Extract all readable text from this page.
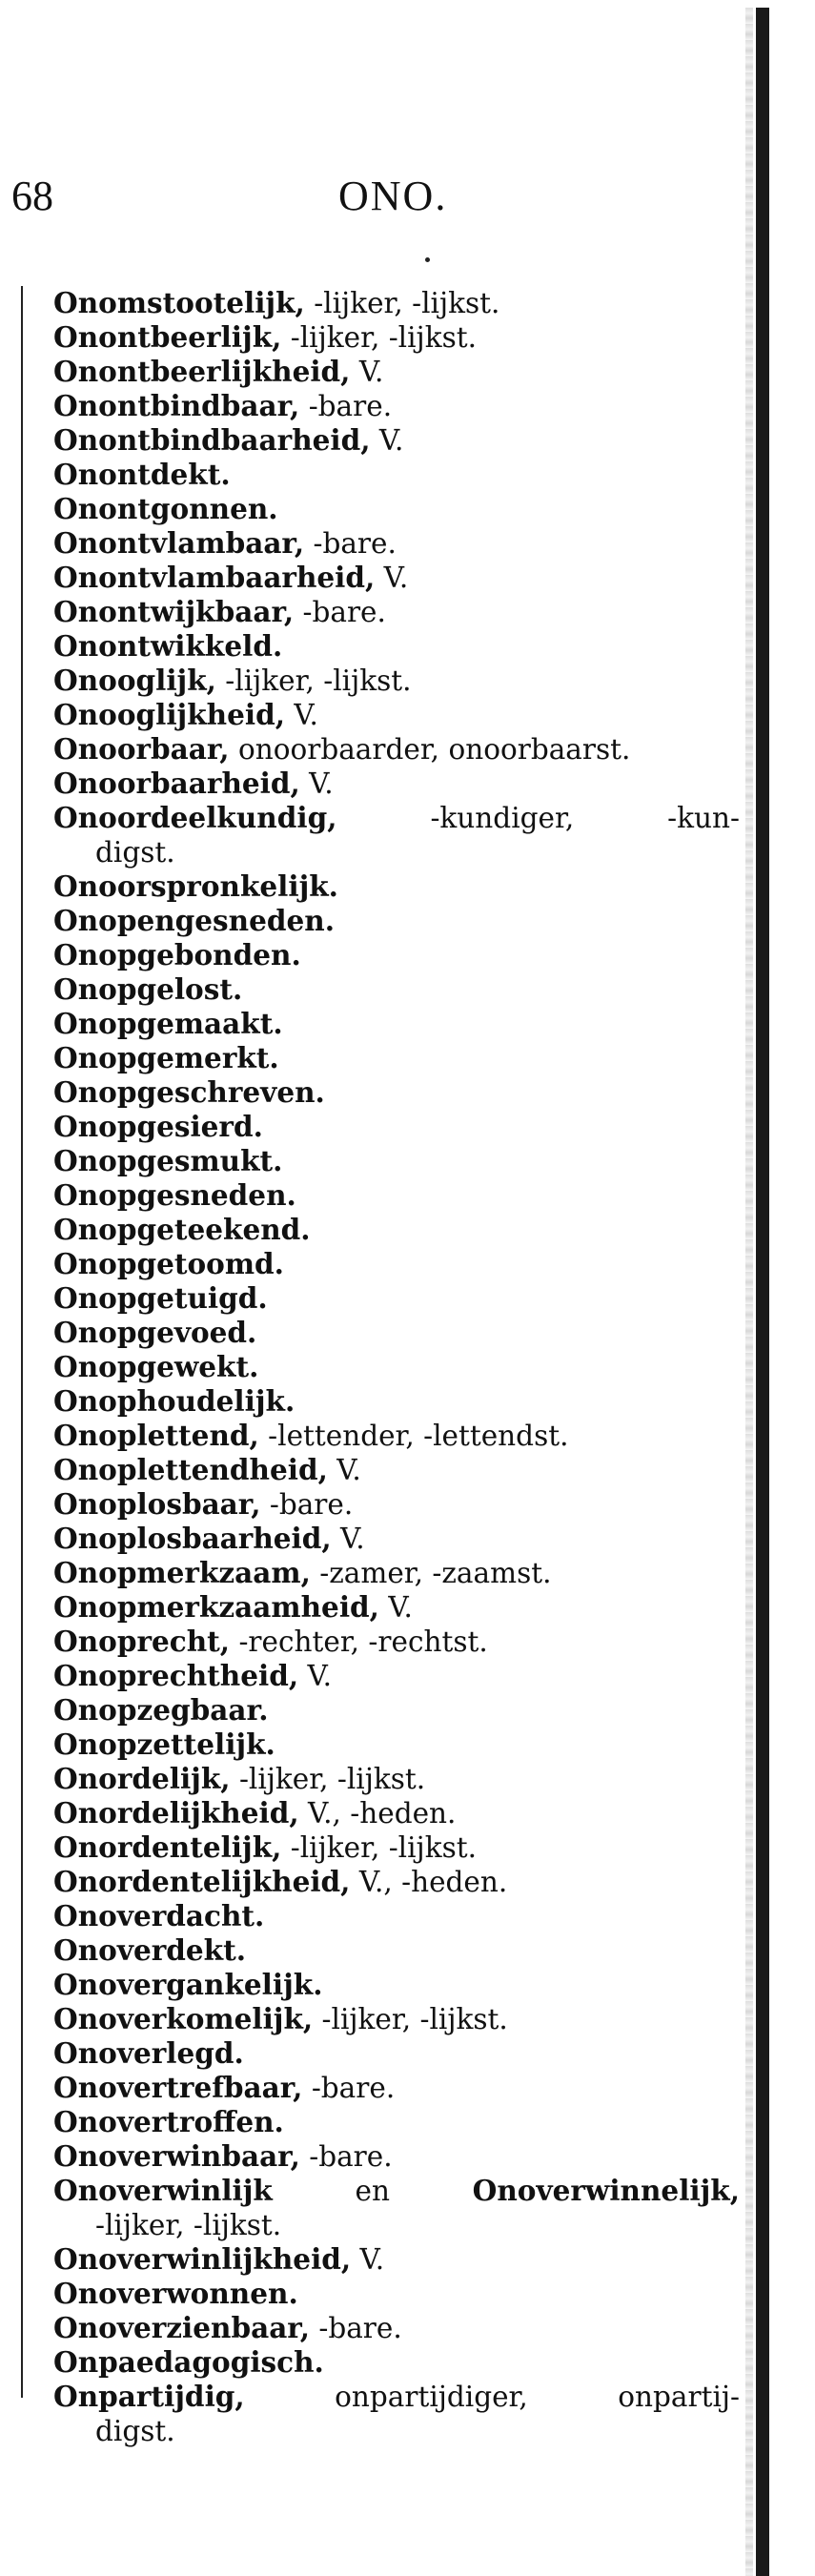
68	ONO.
Onomstootelijk, -lijker, -lijkst.
Onontbeerlijk, -lijker, -lijkst.
Onontbeerlijkheid, V.
Onontbindbaar, -bare.
Onontbindbaarheid, V.
Onontdekt.
Onontgonnen.
Onontvlambaar, -bare.
Onontvlambaarheid, V.
Onontwijkbaar, -bare.
Onontwikkeld.
Onooglijk, -lijker, -lijkst.
Onooglijkheid, V.
Onoorbaar, onoorbaarder, onoorbaarst.
Onoorbaarheid, V.
Onoordeelkundig, -kundiger, -kun-
digst.
Onoorspronkelijk.
Onopengesneden.
Onopgebonden.
Onopgelost.
Onopgemaakt.
Onopgemerkt.
Onopgeschreven.
Onopgesierd.
Onopgesmukt.
Onopgesneden.
Onopgeteekend.
Onopgetoomd.
Onopgetuigd.
Onopgevoed.
Onopgewekt.
Onophoudelijk.
Onoplettend, -lettender, -lettendst.
Onoplettendheid, V.
Onoplosbaar, -bare.
Onoplosbaarheid, V.
Onopmerkzaam, -zamer, -zaamst.
Onopmerkzaamheid, V.
Onoprecht, -rechter, -rechtst.
Onoprechtheid, V.
Onopzegbaar.
Onopzettelijk.
Onordelijk, -lijker, -lijkst.
Onordelijkheid, V., -heden.
Onordentelijk, -lijker, -lijkst.
Onordentelijkheid, V., -heden.
Onoverdacht.
Onoverdekt.
Onoverganke​lijk.
Onoverkomelijk, -lijker, -lijkst.
Onoverlegd.
Onovertrefbaar, -bare.
Onovertroffen.
Onoverwinbaar, -bare.
Onoverwinlijk en Onoverwinnelijk,
-lijker, -lijkst.
Onoverwinlijkheid, V.
Onoverwonnen.
Onoverzienbaar, -bare.
Onpaedagogisch.
Onpartijdig, onpartijdiger, onpartij-
digst.
